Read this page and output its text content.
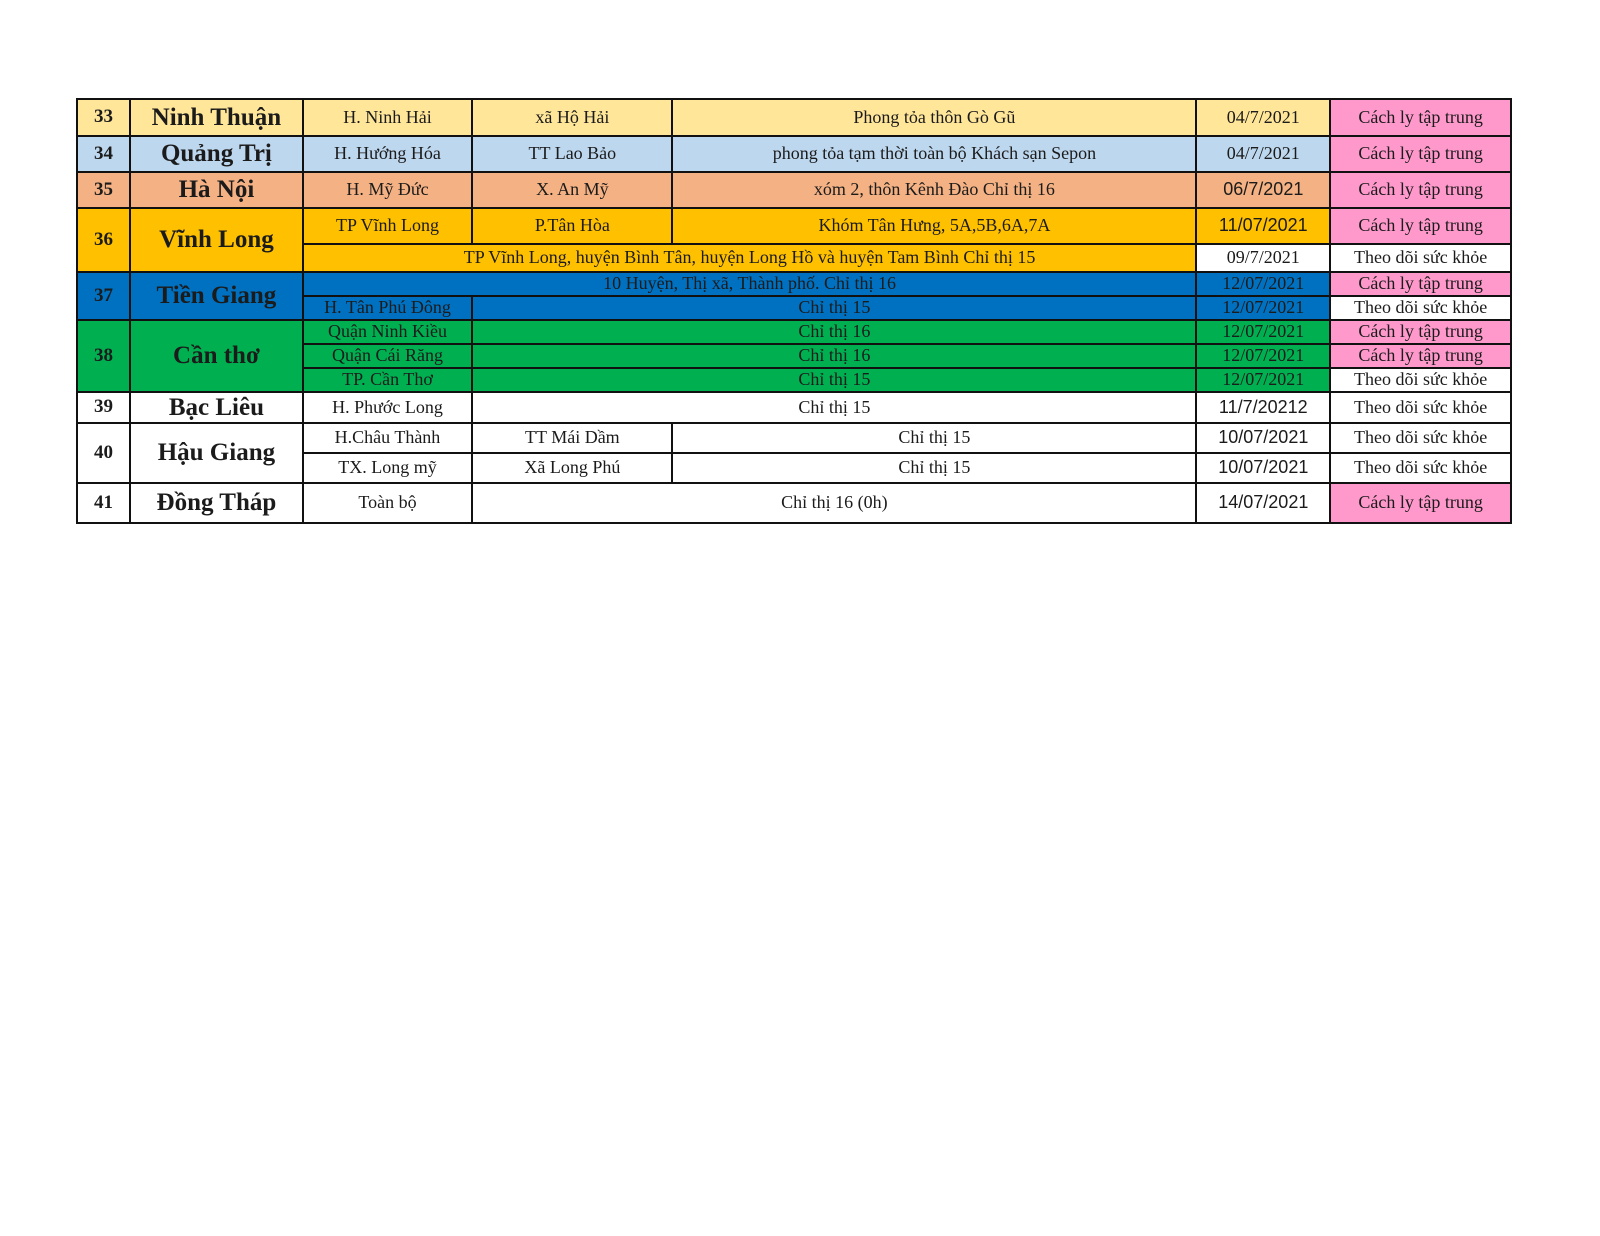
33	Ninh Thuận	H. Ninh Hải	xã Hộ Hải	Phong tỏa thôn Gò Gũ	04/7/2021	Cách ly tập trung
34	Quảng Trị	H. Hướng Hóa	TT Lao Bảo	phong tỏa tạm thời toàn bộ Khách sạn Sepon	04/7/2021	Cách ly tập trung
35	Hà Nội	H. Mỹ Đức	X. An Mỹ	xóm 2, thôn Kênh Đào Chỉ thị 16	06/7/2021	Cách ly tập trung
36	Vĩnh Long	TP Vĩnh Long	P.Tân Hòa	Khóm Tân Hưng, 5A,5B,6A,7A	11/07/2021	Cách ly tập trung
		TP Vĩnh Long, huyện Bình Tân, huyện Long Hồ và huyện Tam Bình Chỉ thị 15			09/7/2021	Theo dõi sức khỏe
37	Tiền Giang	10 Huyện, Thị xã, Thành phố. Chỉ thị 16			12/07/2021	Cách ly tập trung
		H. Tân Phú Đông	Chỉ thị 15		12/07/2021	Theo dõi sức khỏe
38	Cần thơ	Quận Ninh Kiều	Chỉ thị 16		12/07/2021	Cách ly tập trung
		Quận Cái Răng	Chỉ thị 16		12/07/2021	Cách ly tập trung
		TP. Cần Thơ	Chỉ thị 15		12/07/2021	Theo dõi sức khỏe
39	Bạc Liêu	H. Phước Long	Chỉ thị 15		11/7/20212	Theo dõi sức khỏe
40	Hậu Giang	H.Châu Thành	TT Mái Dầm	Chỉ thị 15	10/07/2021	Theo dõi sức khỏe
		TX. Long mỹ	Xã Long Phú	Chỉ thị 15	10/07/2021	Theo dõi sức khỏe
41	Đồng Tháp	Toàn bộ	Chỉ thị 16 (0h)		14/07/2021	Cách ly tập trung
